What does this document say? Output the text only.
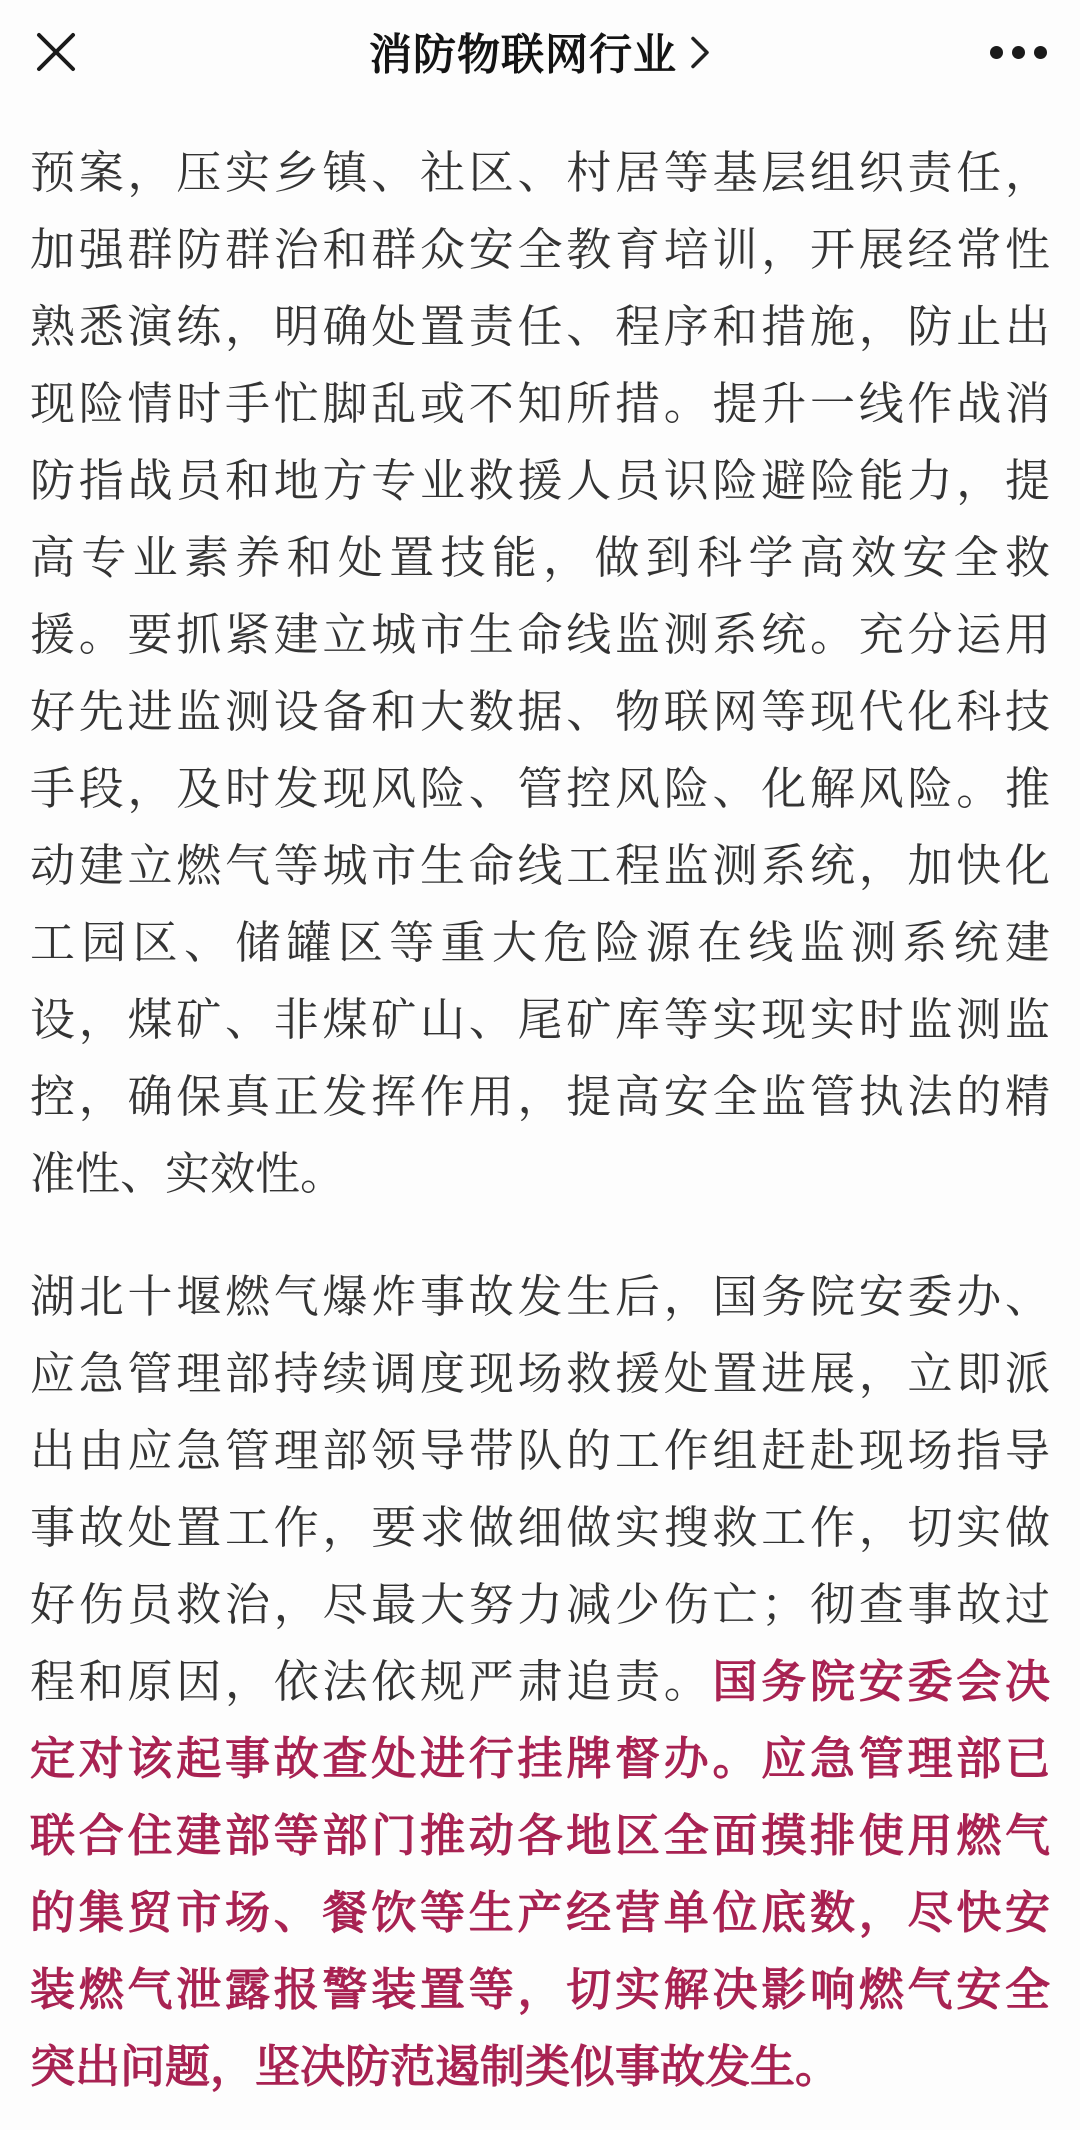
消防物联网行业

预案，压实乡镇、社区、村居等基层组织责任，
加强群防群治和群众安全教育培训，开展经常性
熟悉演练，明确处置责任、程序和措施，防止出
现险情时手忙脚乱或不知所措。提升一线作战消
防指战员和地方专业救援人员识险避险能力，提
高专业素养和处置技能，做到科学高效安全救
援。要抓紧建立城市生命线监测系统。充分运用
好先进监测设备和大数据、物联网等现代化科技
手段，及时发现风险、管控风险、化解风险。推
动建立燃气等城市生命线工程监测系统，加快化
工园区、储罐区等重大危险源在线监测系统建
设，煤矿、非煤矿山、尾矿库等实现实时监测监
控，确保真正发挥作用，提高安全监管执法的精
准性、实效性。

湖北十堰燃气爆炸事故发生后，国务院安委办、
应急管理部持续调度现场救援处置进展，立即派
出由应急管理部领导带队的工作组赶赴现场指导
事故处置工作，要求做细做实搜救工作，切实做
好伤员救治，尽最大努力减少伤亡；彻查事故过
程和原因，依法依规严肃追责。国务院安委会决
定对该起事故查处进行挂牌督办。应急管理部已
联合住建部等部门推动各地区全面摸排使用燃气
的集贸市场、餐饮等生产经营单位底数，尽快安
装燃气泄露报警装置等，切实解决影响燃气安全
突出问题，坚决防范遏制类似事故发生。
